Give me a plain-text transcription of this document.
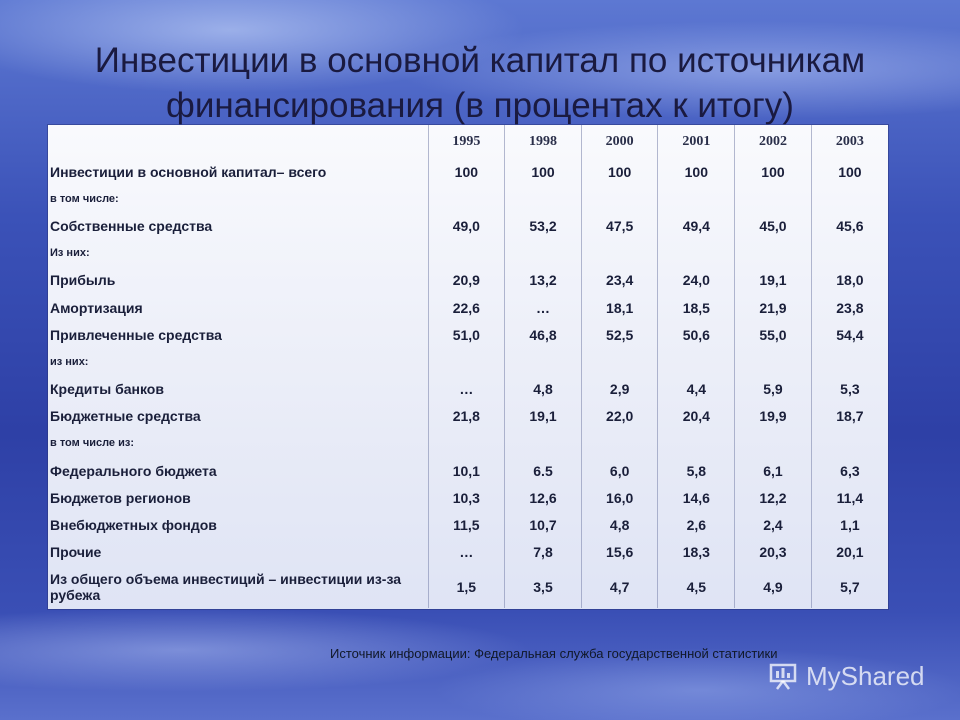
Инвестиции в основной капитал по источникам
финансирования (в процентах к итогу)
	1995	1998	2000	2001	2002	2003
Инвестиции в основной капитал– всего	100	100	100	100	100	100
в том числе:						
Собственные средства	49,0	53,2	47,5	49,4	45,0	45,6
Из них:						
Прибыль	20,9	13,2	23,4	24,0	19,1	18,0
Амортизация	22,6	…	18,1	18,5	21,9	23,8
Привлеченные средства	51,0	46,8	52,5	50,6	55,0	54,4
из них:						
Кредиты банков	…	4,8	2,9	4,4	5,9	5,3
Бюджетные средства	21,8	19,1	22,0	20,4	19,9	18,7
в том числе из:						
Федерального бюджета	10,1	6.5	6,0	5,8	6,1	6,3
Бюджетов регионов	10,3	12,6	16,0	14,6	12,2	11,4
Внебюджетных фондов	11,5	10,7	4,8	2,6	2,4	1,1
Прочие	…	7,8	15,6	18,3	20,3	20,1
Из общего объема инвестиций – инвестиции из-за рубежа	1,5	3,5	4,7	4,5	4,9	5,7
Источник информации: Федеральная служба государственной статистики
MyShared
